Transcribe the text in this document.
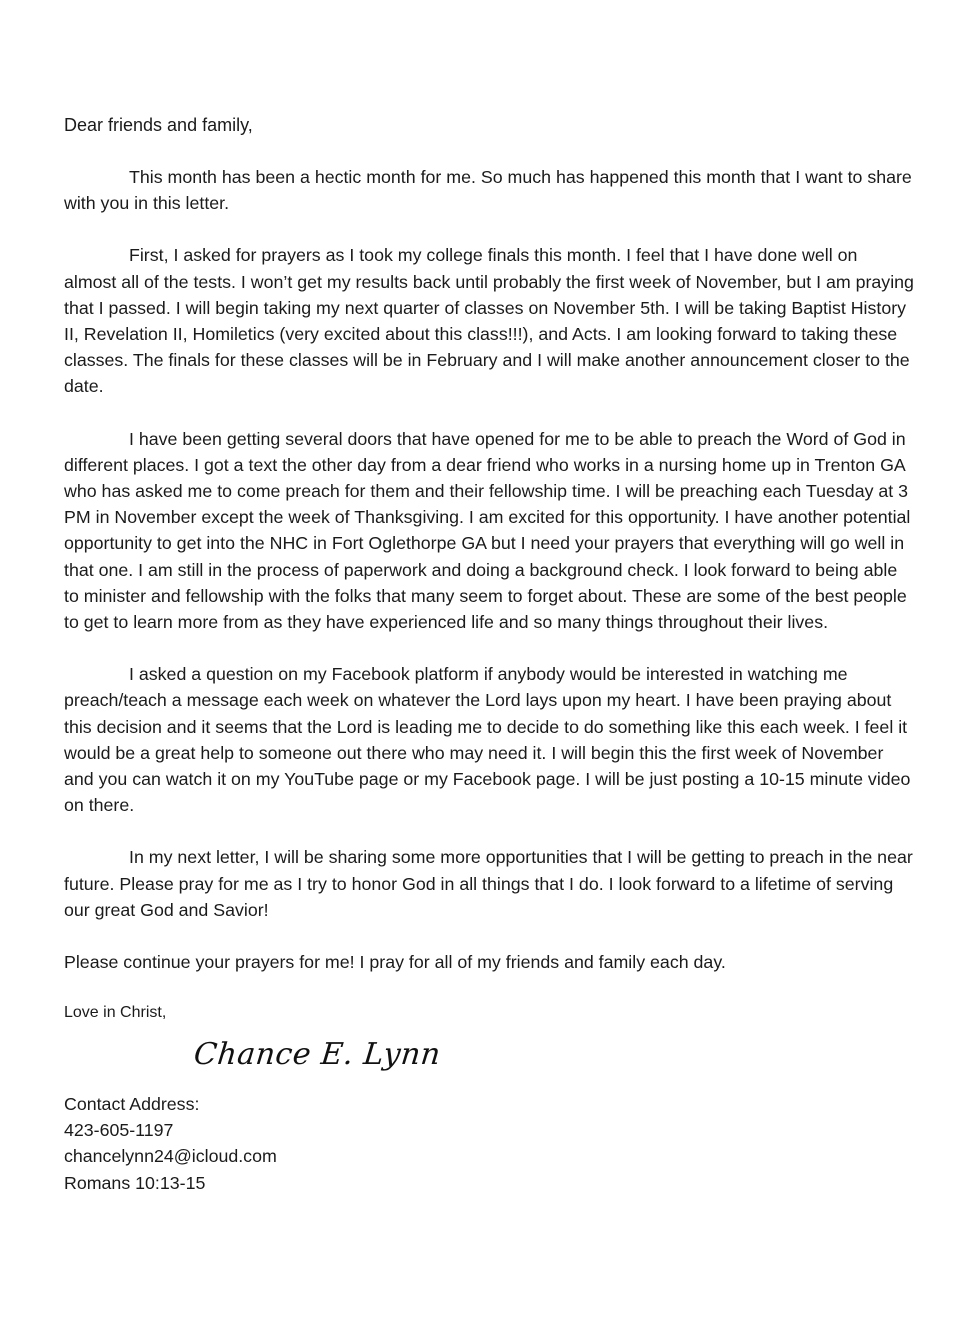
Dear friends and family,

This month has been a hectic month for me. So much has happened this month that I want to share with you in this letter.

First, I asked for prayers as I took my college finals this month. I feel that I have done well on almost all of the tests. I won’t get my results back until probably the first week of November, but I am praying that I passed. I will begin taking my next quarter of classes on November 5th. I will be taking Baptist History II, Revelation II, Homiletics (very excited about this class!!!), and Acts. I am looking forward to taking these classes. The finals for these classes will be in February and I will make another announcement closer to the date.

I have been getting several doors that have opened for me to be able to preach the Word of God in different places. I got a text the other day from a dear friend who works in a nursing home up in Trenton GA who has asked me to come preach for them and their fellowship time. I will be preaching each Tuesday at 3 PM in November except the week of Thanksgiving. I am excited for this opportunity. I have another potential opportunity to get into the NHC in Fort Oglethorpe GA but I need your prayers that everything will go well in that one. I am still in the process of paperwork and doing a background check. I look forward to being able to minister and fellowship with the folks that many seem to forget about. These are some of the best people to get to learn more from as they have experienced life and so many things throughout their lives.

I asked a question on my Facebook platform if anybody would be interested in watching me preach/teach a message each week on whatever the Lord lays upon my heart. I have been praying about this decision and it seems that the Lord is leading me to decide to do something like this each week. I feel it would be a great help to someone out there who may need it. I will begin this the first week of November and you can watch it on my YouTube page or my Facebook page. I will be just posting a 10-15 minute video on there.

In my next letter, I will be sharing some more opportunities that I will be getting to preach in the near future. Please pray for me as I try to honor God in all things that I do. I look forward to a lifetime of serving our great God and Savior!

Please continue your prayers for me! I pray for all of my friends and family each day.

Love in Christ,

Chance E. Lynn

Contact Address:

423-605-1197

chancelynn24@icloud.com

Romans 10:13-15
